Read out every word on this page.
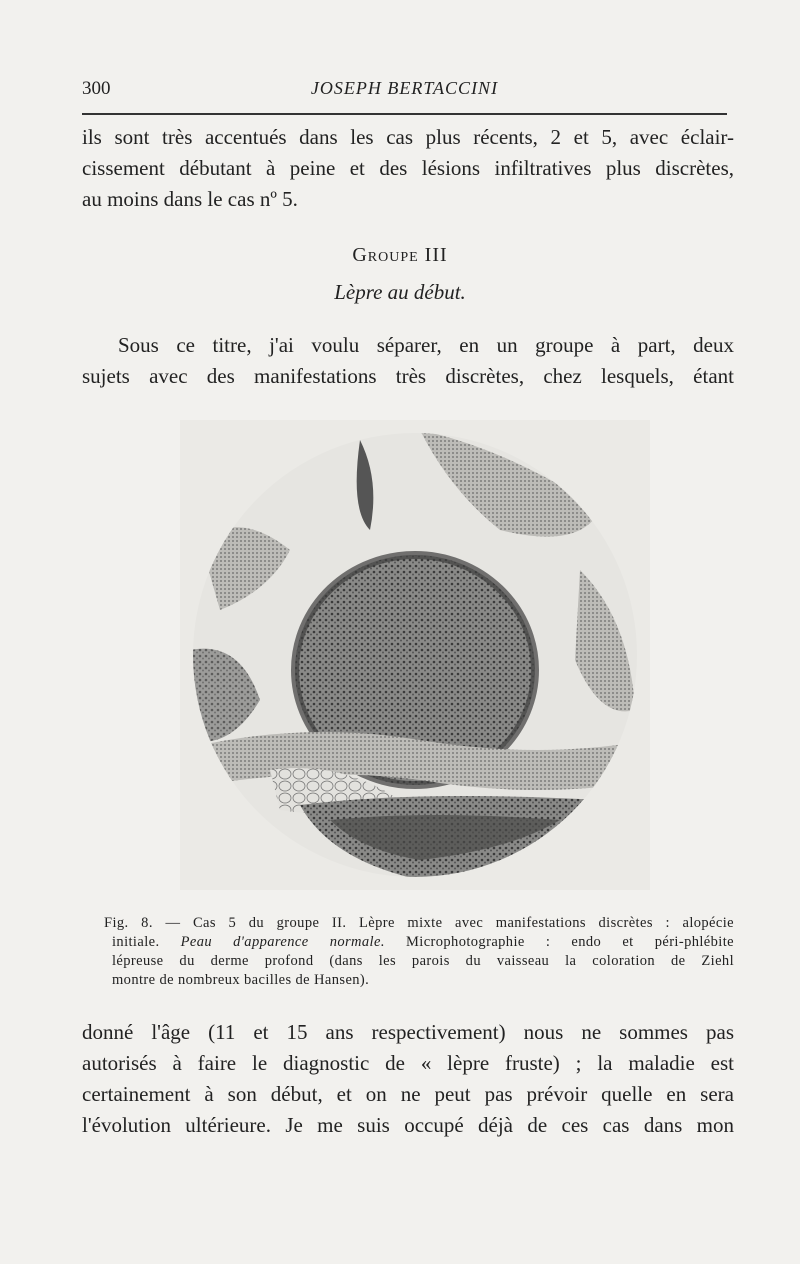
300	JOSEPH BERTACCINI
ils sont très accentués dans les cas plus récents, 2 et 5, avec éclair-
cissement débutant à peine et des lésions infiltratives plus discrètes,
au moins dans le cas nº 5.
Groupe III
Lèpre au début.
Sous ce titre, j'ai voulu séparer, en un groupe à part, deux
sujets avec des manifestations très discrètes, chez lesquels, étant
Fig. 8. — Cas 5 du groupe II. Lèpre mixte avec manifestations discrètes : alopécie
initiale. Peau d'apparence normale. Microphotographie : endo et péri-phlébite
lépreuse du derme profond (dans les parois du vaisseau la coloration de Ziehl
montre de nombreux bacilles de Hansen).
donné l'âge (11 et 15 ans respectivement) nous ne sommes pas
autorisés à faire le diagnostic de « lèpre fruste) ; la maladie est
certainement à son début, et on ne peut pas prévoir quelle en sera
l'évolution ultérieure. Je me suis occupé déjà de ces cas dans mon
